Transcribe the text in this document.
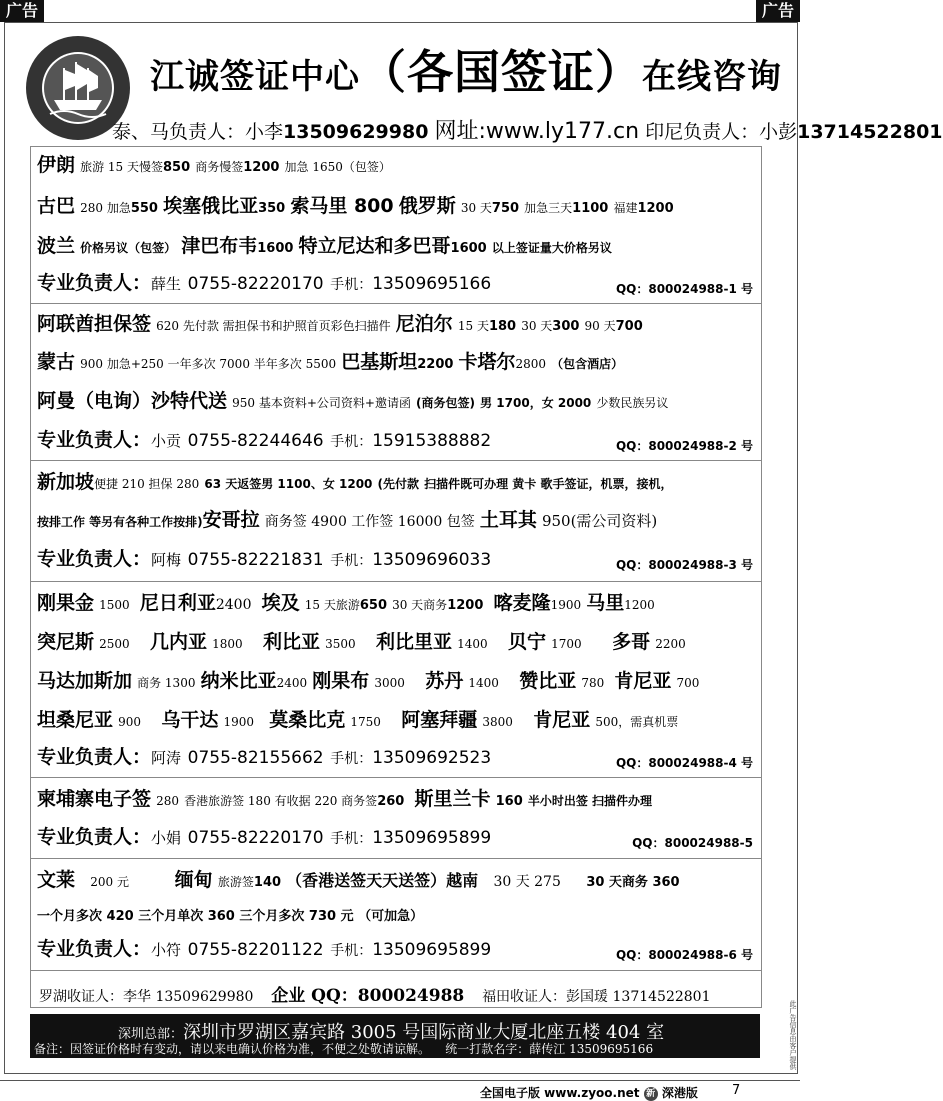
广告	广告
江诚签证中心（各国签证）在线咨询
泰、马负责人：小李13509629980 网址:www.ly177.cn 印尼负责人：小彭13714522801
伊朗 旅游 15 天慢签850 商务慢签1200 加急 1650（包签）
古巴 280 加急550 埃塞俄比亚350 索马里 800 俄罗斯 30 天750 加急三天1100 福建1200
波兰 价格另议（包签） 津巴布韦1600 特立尼达和多巴哥1600 以上签证量大价格另议
专业负责人：薛生 0755-82220170 手机：13509695166	QQ：800024988-1 号
阿联酋担保签 620 先付款 需担保书和护照首页彩色扫描件 尼泊尔 15 天180 30 天300 90 天700
蒙古 900 加急+250 一年多次 7000 半年多次 5500 巴基斯坦2200 卡塔尔2800 （包含酒店）
阿曼（电询）沙特代送 950 基本资料+公司资料+邀请函 (商务包签) 男 1700，女 2000 少数民族另议
专业负责人：小贡 0755-82244646 手机：15915388882	QQ：800024988-2 号
新加坡便捷 210 担保 280 63 天返签男 1100、女 1200 (先付款 扫描件既可办理 黄卡 歌手签证，机票，接机，
按排工作 等另有各种工作按排)安哥拉 商务签 4900 工作签 16000 包签 土耳其 950(需公司资料)
专业负责人：阿梅 0755-82221831 手机：13509696033	QQ：800024988-3 号
刚果金 1500 尼日利亚2400 埃及 15 天旅游650 30 天商务1200 喀麦隆1900 马里1200
突尼斯 2500 几内亚 1800 利比亚 3500 利比里亚 1400 贝宁 1700 多哥 2200
马达加斯加 商务 1300 纳米比亚2400 刚果布 3000 苏丹 1400 赞比亚 780 肯尼亚 700
坦桑尼亚 900 乌干达 1900 莫桑比克 1750 阿塞拜疆 3800 肯尼亚 500，需真机票
专业负责人：阿涛 0755-82155662 手机：13509692523	QQ：800024988-4 号
柬埔寨电子签 280 香港旅游签 180 有收据 220 商务签260 斯里兰卡 160 半小时出签 扫描件办理
专业负责人：小娟 0755-82220170 手机：13509695899	QQ：800024988-5
文莱 200 元 缅甸 旅游签140 （香港送签天天送签）越南 30 天 275 30 天商务 360
一个月多次 420 三个月单次 360 三个月多次 730 元 （可加急）
专业负责人：小符 0755-82201122 手机：13509695899	QQ：800024988-6 号
罗湖收证人：李华 13509629980 企业 QQ：800024988 福田收证人：彭国瑗 13714522801
深圳总部：深圳市罗湖区嘉宾路 3005 号国际商业大厦北座五楼 404 室
备注：因签证价格时有变动，请以来电确认价格为准，不便之处敬请谅解。 统一打款名字：薛传江 13509695166	此广告信息由客户提供
全国电子版 www.zyoo.net 新 深港版	7
